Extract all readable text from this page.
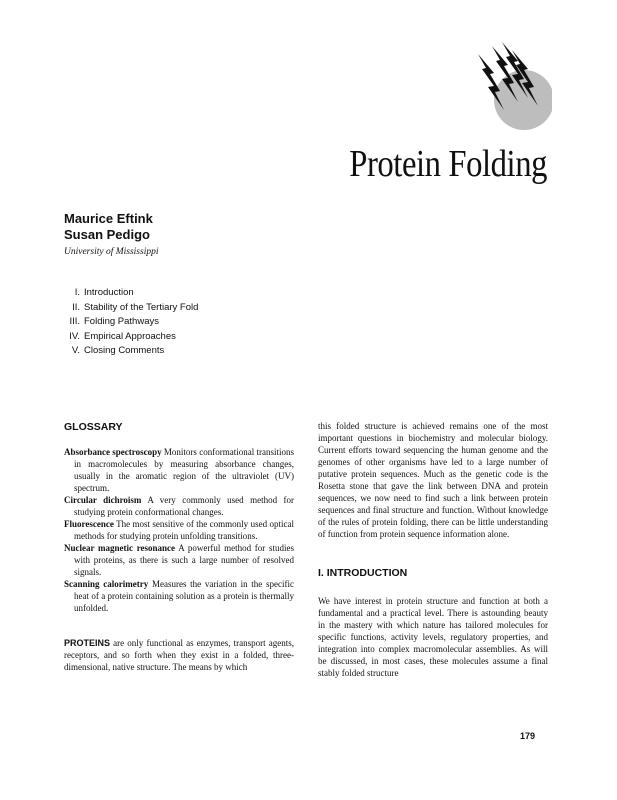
Protein Folding
Maurice Eftink
Susan Pedigo
University of Mississippi
I. Introduction
II. Stability of the Tertiary Fold
III. Folding Pathways
IV. Empirical Approaches
V. Closing Comments
GLOSSARY

Absorbance spectroscopy Monitors conformational transitions in macromolecules by measuring absorbance changes, usually in the aromatic region of the ultraviolet (UV) spectrum.

Circular dichroism A very commonly used method for studying protein conformational changes.

Fluorescence The most sensitive of the commonly used optical methods for studying protein unfolding transitions.

Nuclear magnetic resonance A powerful method for studies with proteins, as there is such a large number of resolved signals.

Scanning calorimetry Measures the variation in the specific heat of a protein containing solution as a protein is thermally unfolded.

PROTEINS are only functional as enzymes, transport agents, receptors, and so forth when they exist in a folded, three-dimensional, native structure. The means by which

this folded structure is achieved remains one of the most important questions in biochemistry and molecular biology. Current efforts toward sequencing the human genome and the genomes of other organisms have led to a large number of putative protein sequences. Much as the genetic code is the Rosetta stone that gave the link between DNA and protein sequences, we now need to find such a link between protein sequences and final structure and function. Without knowledge of the rules of protein folding, there can be little understanding of function from protein sequence information alone.

I. INTRODUCTION

We have interest in protein structure and function at both a fundamental and a practical level. There is astounding beauty in the mastery with which nature has tailored molecules for specific functions, activity levels, regulatory properties, and integration into complex macromolecular assemblies. As will be discussed, in most cases, these molecules assume a final stably folded structure

179
